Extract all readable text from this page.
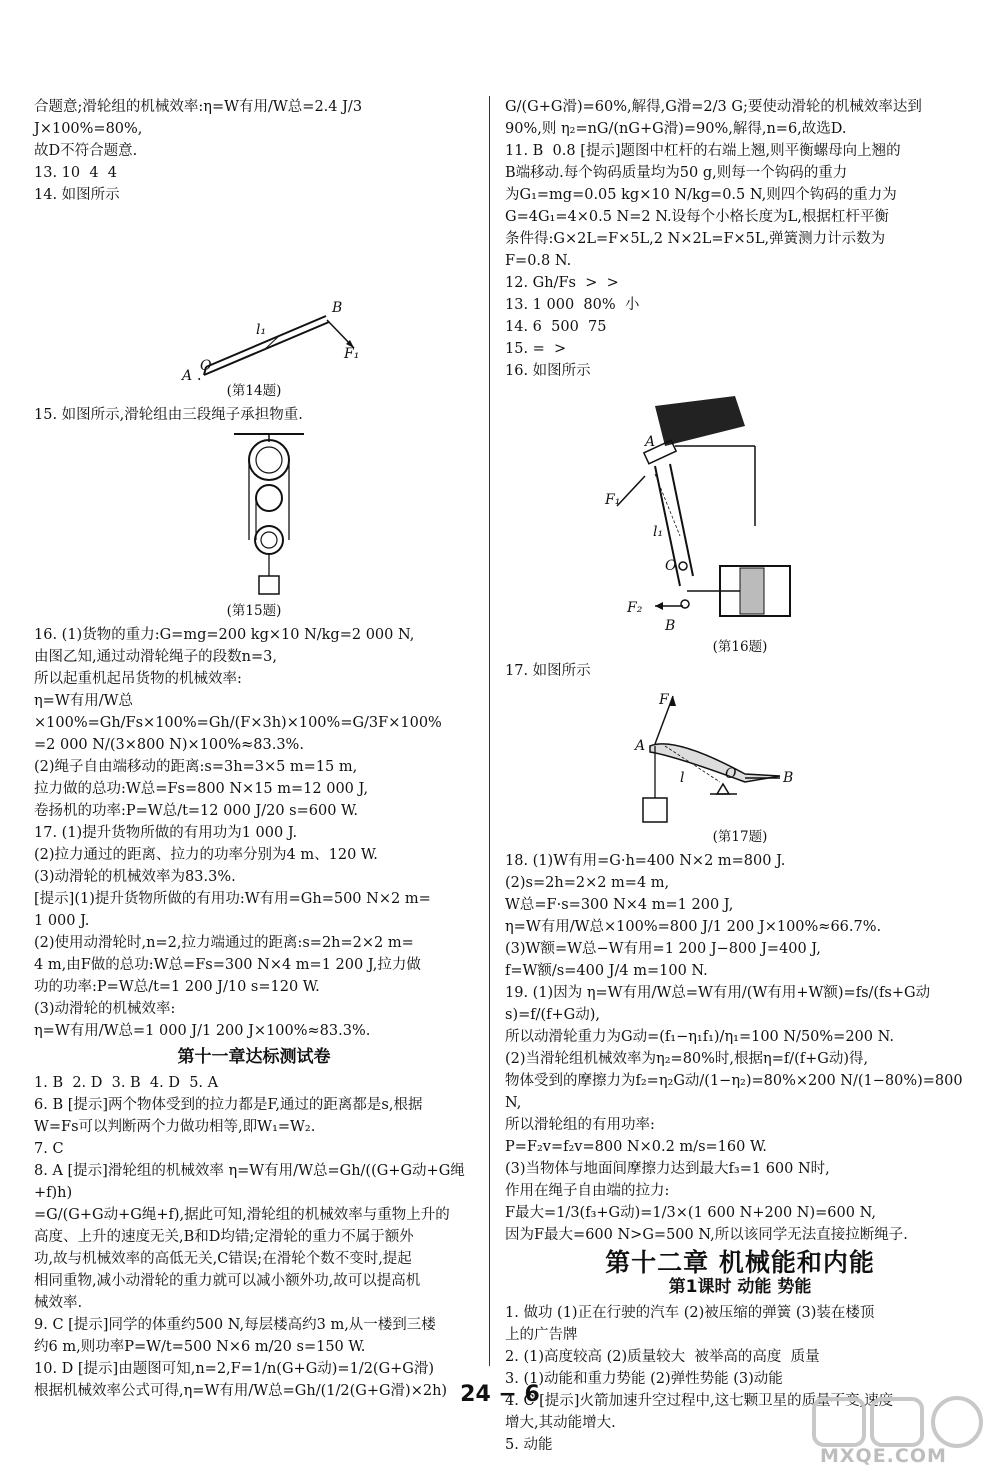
合题意;滑轮组的机械效率:η=W有用/W总=2.4 J/3 J×100%=80%,

故D不符合题意.

13. 10  4  4

14. 如图所示

B
l₁
F₁
A
O
(第14题)

15. 如图所示,滑轮组由三段绳子承担物重.

(第15题)

16. (1)货物的重力:G=mg=200 kg×10 N/kg=2 000 N,

由图乙知,通过动滑轮绳子的段数n=3,

所以起重机起吊货物的机械效率:

η=W有用/W总×100%=Gh/Fs×100%=Gh/(F×3h)×100%=G/3F×100%

=2 000 N/(3×800 N)×100%≈83.3%.

(2)绳子自由端移动的距离:s=3h=3×5 m=15 m,

拉力做的总功:W总=Fs=800 N×15 m=12 000 J,

卷扬机的功率:P=W总/t=12 000 J/20 s=600 W.

17. (1)提升货物所做的有用功为1 000 J.

(2)拉力通过的距离、拉力的功率分别为4 m、120 W.

(3)动滑轮的机械效率为83.3%.

[提示](1)提升货物所做的有用功:W有用=Gh=500 N×2 m=

1 000 J.

(2)使用动滑轮时,n=2,拉力端通过的距离:s=2h=2×2 m=

4 m,由F做的总功:W总=Fs=300 N×4 m=1 200 J,拉力做

功的功率:P=W总/t=1 200 J/10 s=120 W.

(3)动滑轮的机械效率:

η=W有用/W总=1 000 J/1 200 J×100%≈83.3%.

第十一章达标测试卷

1. B  2. D  3. B  4. D  5. A

6. B [提示]两个物体受到的拉力都是F,通过的距离都是s,根据

W=Fs可以判断两个力做功相等,即W₁=W₂.

7. C

8. A [提示]滑轮组的机械效率 η=W有用/W总=Gh/((G+G动+G绳+f)h)

=G/(G+G动+G绳+f),据此可知,滑轮组的机械效率与重物上升的

高度、上升的速度无关,B和D均错;定滑轮的重力不属于额外

功,故与机械效率的高低无关,C错误;在滑轮个数不变时,提起

相同重物,减小动滑轮的重力就可以减小额外功,故可以提高机

械效率.

9. C [提示]同学的体重约500 N,每层楼高约3 m,从一楼到三楼

约6 m,则功率P=W/t=500 N×6 m/20 s=150 W.

10. D [提示]由题图可知,n=2,F=1/n(G+G动)=1/2(G+G滑)

根据机械效率公式可得,η=W有用/W总=Gh/(1/2(G+G滑)×2h)

G/(G+G滑)=60%,解得,G滑=2/3 G;要使动滑轮的机械效率达到

90%,则 η₂=nG/(nG+G滑)=90%,解得,n=6,故选D.

11. B  0.8 [提示]题图中杠杆的右端上翘,则平衡螺母向上翘的

B端移动.每个钩码质量均为50 g,则每一个钩码的重力

为G₁=mg=0.05 kg×10 N/kg=0.5 N,则四个钩码的重力为

G=4G₁=4×0.5 N=2 N.设每个小格长度为L,根据杠杆平衡

条件得:G×2L=F×5L,2 N×2L=F×5L,弹簧测力计示数为

F=0.8 N.

12. Gh/Fs  >  >

13. 1 000  80%  小

14. 6  500  75

15. =  >

16. 如图所示

A
F₁
l₁
O
F₂
B
(第16题)

17. 如图所示

F
A
l	O	B
(第17题)

18. (1)W有用=G·h=400 N×2 m=800 J.

(2)s=2h=2×2 m=4 m,

W总=F·s=300 N×4 m=1 200 J,

η=W有用/W总×100%=800 J/1 200 J×100%≈66.7%.

(3)W额=W总−W有用=1 200 J−800 J=400 J,

f=W额/s=400 J/4 m=100 N.

19. (1)因为 η=W有用/W总=W有用/(W有用+W额)=fs/(fs+G动s)=f/(f+G动),

所以动滑轮重力为G动=(f₁−η₁f₁)/η₁=100 N/50%=200 N.

(2)当滑轮组机械效率为η₂=80%时,根据η=f/(f+G动)得,

物体受到的摩擦力为f₂=η₂G动/(1−η₂)=80%×200 N/(1−80%)=800 N,

所以滑轮组的有用功率:

P=F₂v=f₂v=800 N×0.2 m/s=160 W.

(3)当物体与地面间摩擦力达到最大f₃=1 600 N时,

作用在绳子自由端的拉力:

F最大=1/3(f₃+G动)=1/3×(1 600 N+200 N)=600 N,

因为F最大=600 N>G=500 N,所以该同学无法直接拉断绳子.

第十二章 机械能和内能
第1课时 动能 势能

1. 做功 (1)正在行驶的汽车 (2)被压缩的弹簧 (3)装在楼顶

上的广告牌

2. (1)高度较高 (2)质量较大  被举高的高度  质量

3. (1)动能和重力势能 (2)弹性势能 (3)动能

4. C [提示]火箭加速升空过程中,这七颗卫星的质量不变,速度

增大,其动能增大.

5. 动能

24 − 6
MXQE.COM
